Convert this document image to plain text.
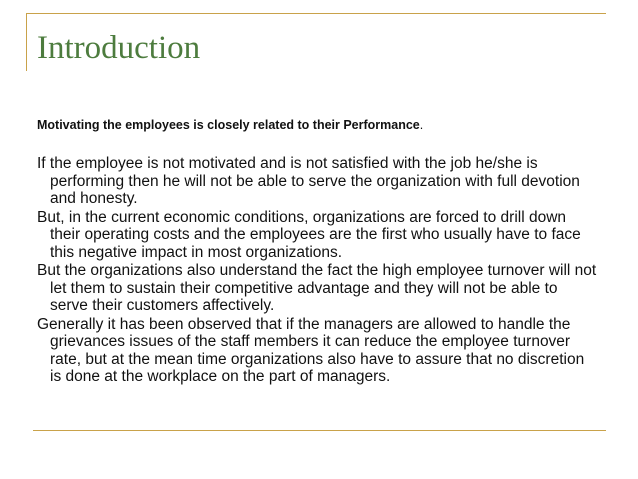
Introduction

Motivating the employees is closely related to their Performance.

If the employee is not motivated and is not satisfied with the job he/she is performing then he will not be able to serve the organization with full devotion and honesty.
But, in the current economic conditions, organizations are forced to drill down their operating costs and the employees are the first who usually have to face this negative impact in most organizations.
But the organizations also understand the fact the high employee turnover will not let them to sustain their competitive advantage and they will not be able to serve their customers affectively.
Generally it has been observed that if the managers are allowed to handle the grievances issues of the staff members it can reduce the employee turnover rate, but at the mean time organizations also have to assure that no discretion is done at the workplace on the part of managers.
